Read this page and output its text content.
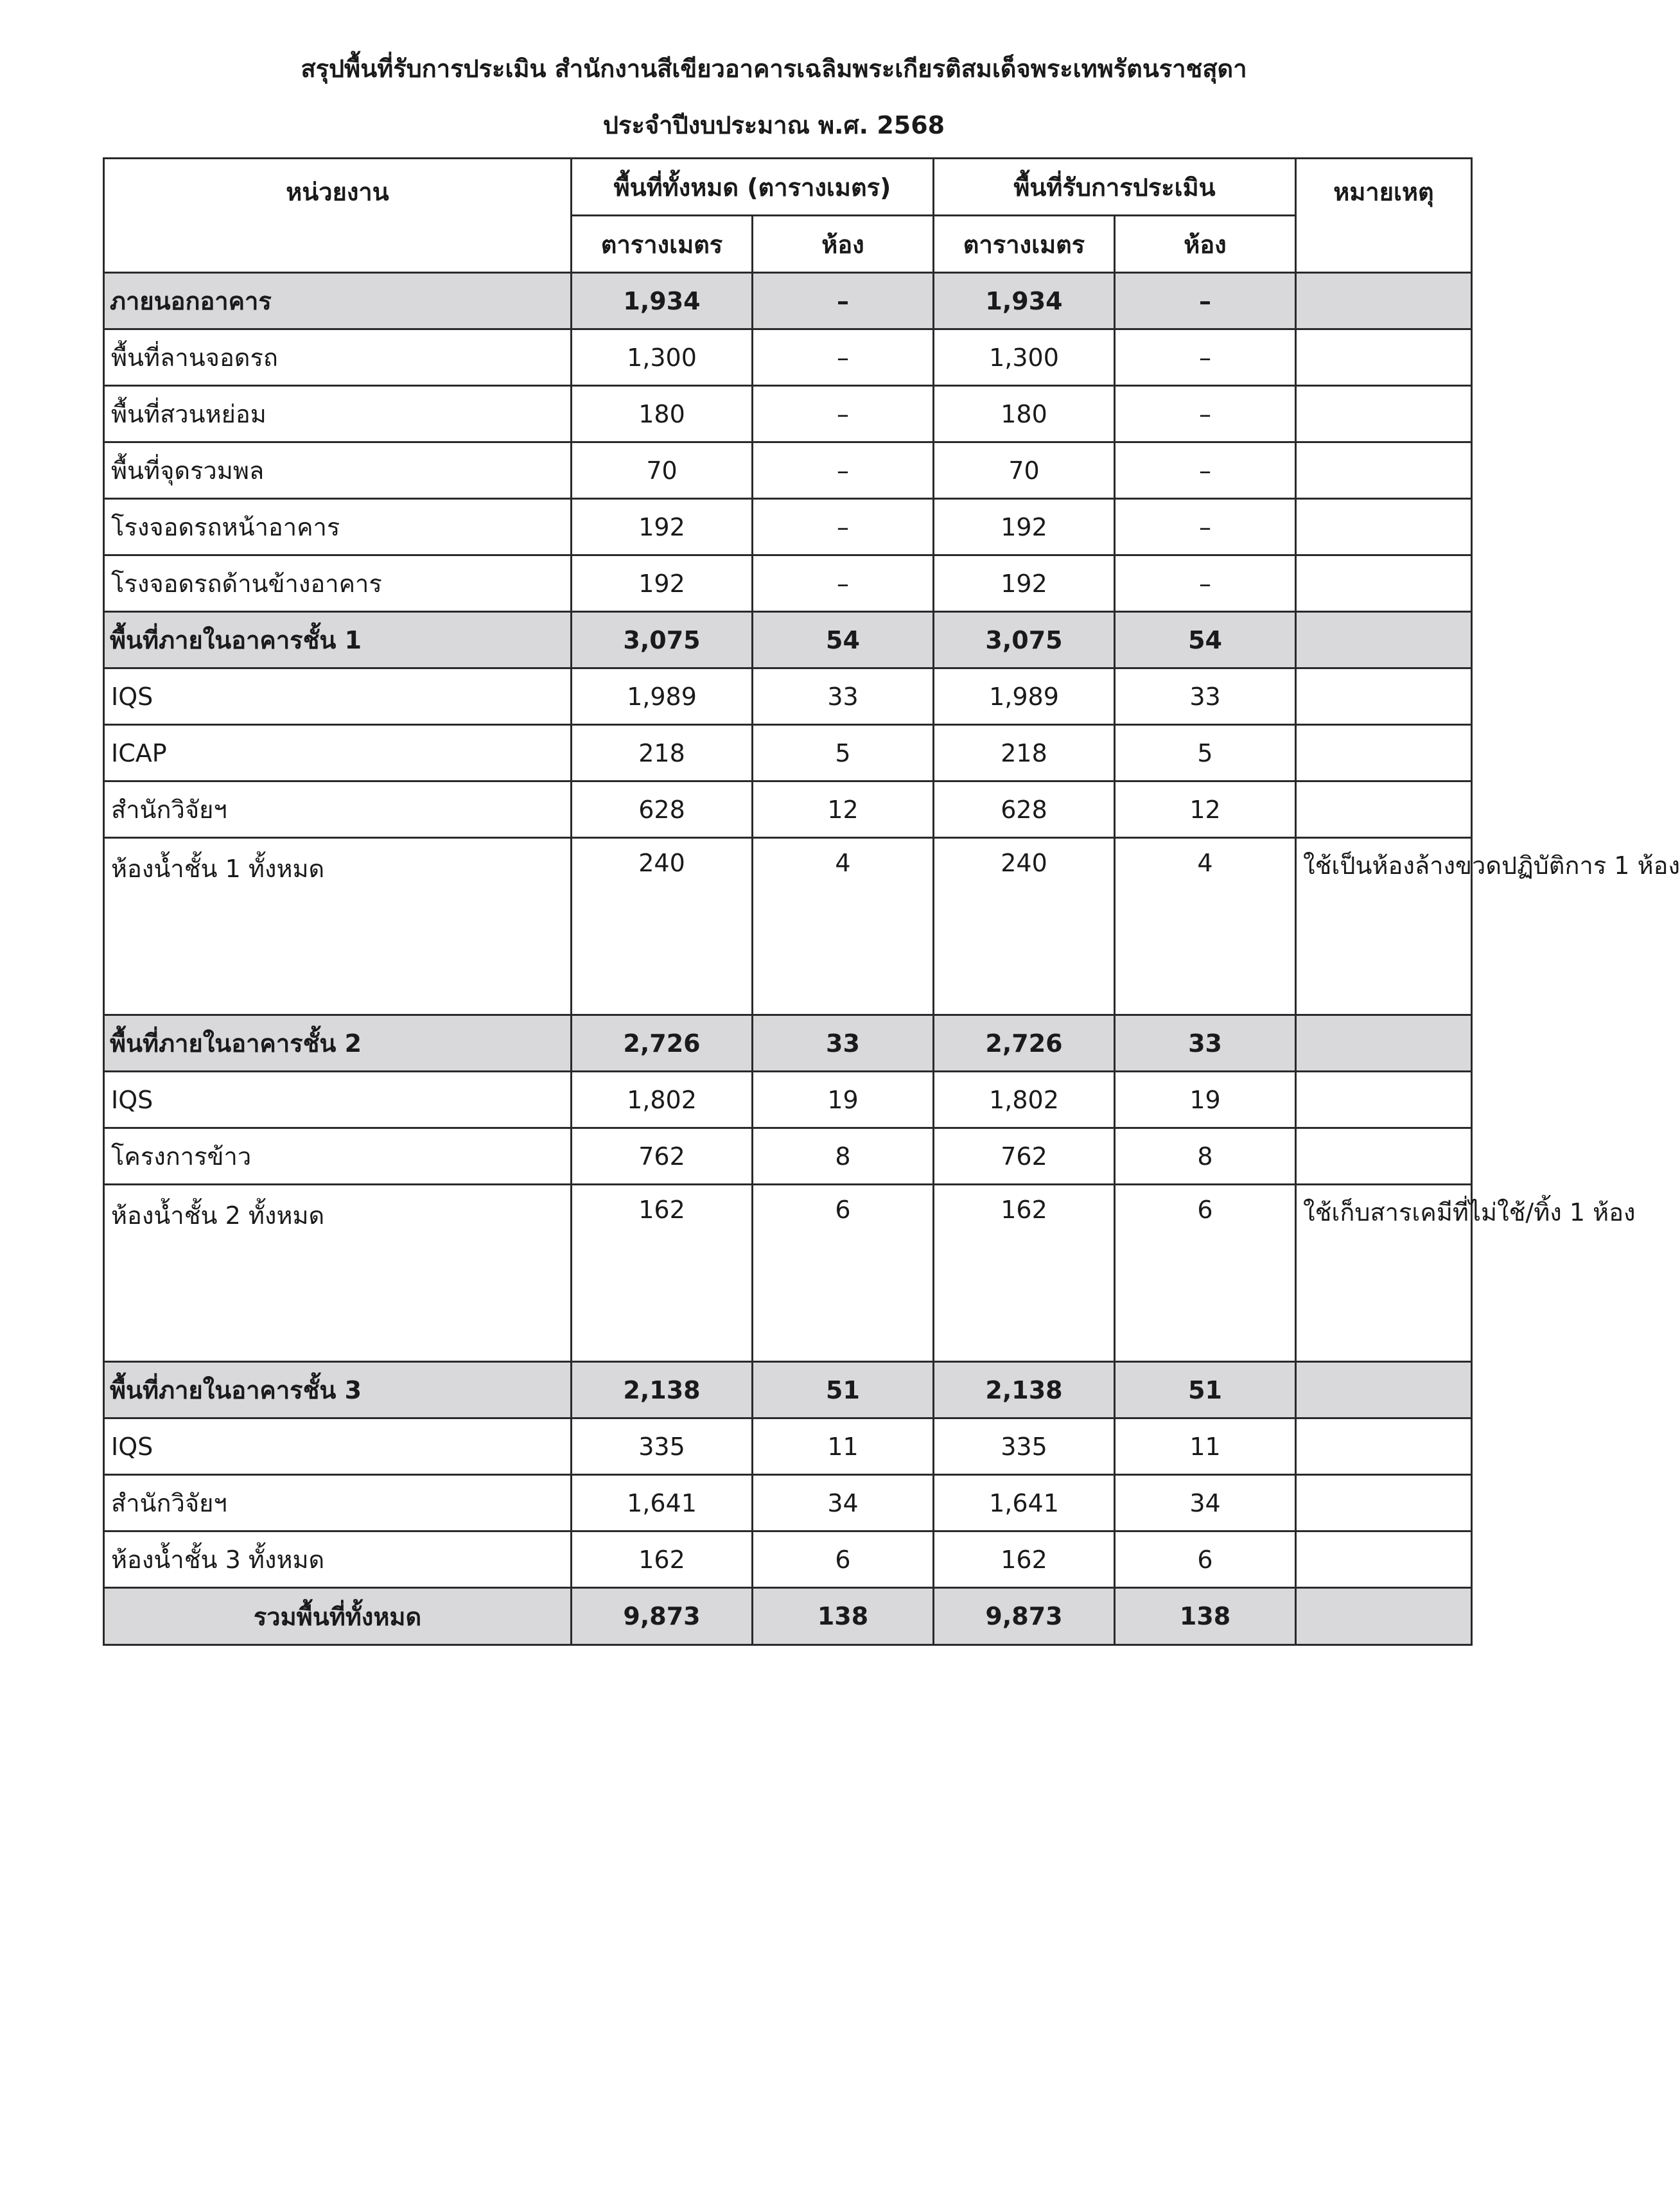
สรุปพื้นที่รับการประเมิน สำนักงานสีเขียวอาคารเฉลิมพระเกียรติสมเด็จพระเทพรัตนราชสุดา
ประจำปีงบประมาณ พ.ศ. 2568
หน่วยงาน	พื้นที่ทั้งหมด (ตารางเมตร)		พื้นที่รับการประเมิน		หมายเหตุ
	ตารางเมตร	ห้อง	ตารางเมตร	ห้อง	
ภายนอกอาคาร	1,934	–	1,934	–	
พื้นที่ลานจอดรถ	1,300	–	1,300	–	
พื้นที่สวนหย่อม	180	–	180	–	
พื้นที่จุดรวมพล	70	–	70	–	
โรงจอดรถหน้าอาคาร	192	–	192	–	
โรงจอดรถด้านข้างอาคาร	192	–	192	–	
พื้นที่ภายในอาคารชั้น 1	3,075	54	3,075	54	
IQS	1,989	33	1,989	33	
ICAP	218	5	218	5	
สำนักวิจัยฯ	628	12	628	12	
ห้องน้ำชั้น 1 ทั้งหมด	240	4	240	4	ใช้เป็นห้องล้างขวดปฏิบัติการ 1 ห้อง
พื้นที่ภายในอาคารชั้น 2	2,726	33	2,726	33	
IQS	1,802	19	1,802	19	
โครงการข้าว	762	8	762	8	
ห้องน้ำชั้น 2 ทั้งหมด	162	6	162	6	ใช้เก็บสารเคมีที่ไม่ใช้/ทิ้ง 1 ห้อง
พื้นที่ภายในอาคารชั้น 3	2,138	51	2,138	51	
IQS	335	11	335	11	
สำนักวิจัยฯ	1,641	34	1,641	34	
ห้องน้ำชั้น 3 ทั้งหมด	162	6	162	6	
รวมพื้นที่ทั้งหมด	9,873	138	9,873	138	
